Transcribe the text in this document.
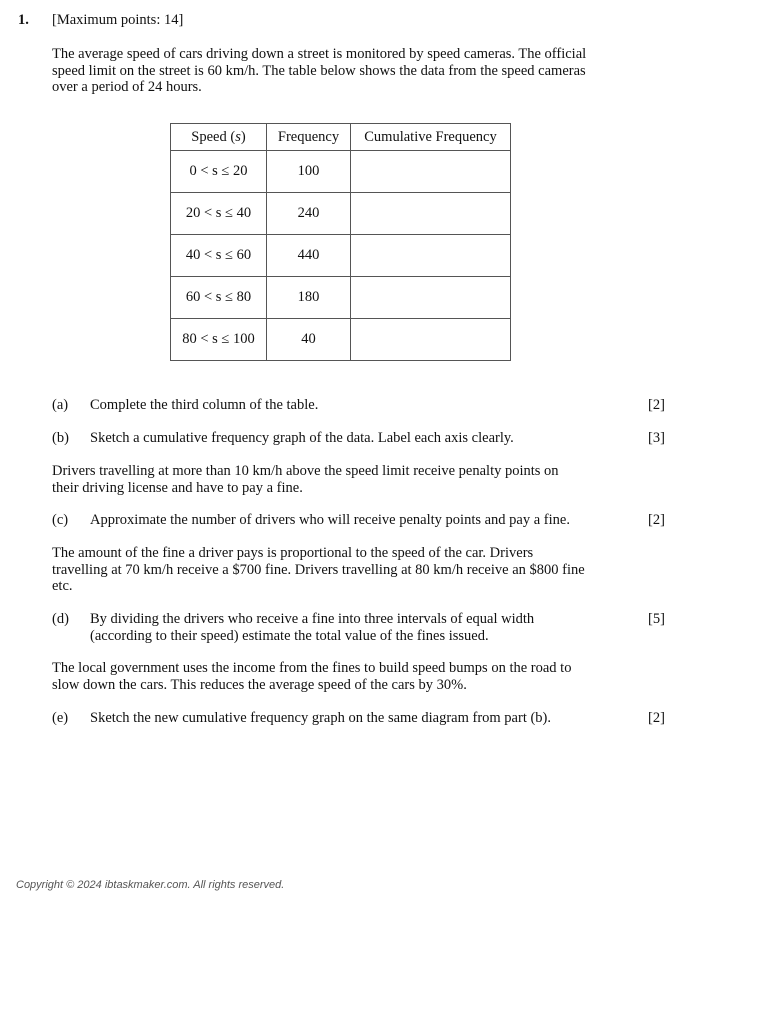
1. [Maximum points: 14]

The average speed of cars driving down a street is monitored by speed cameras. The official

speed limit on the street is 60 km/h. The table below shows the data from the speed cameras

over a period of 24 hours.

Speed (s)	Frequency	Cumulative Frequency
0 < s ≤ 20	100	
20 < s ≤ 40	240	
40 < s ≤ 60	440	
60 < s ≤ 80	180	
80 < s ≤ 100	40	
(a) Complete the third column of the table.	[2]
(b) Sketch a cumulative frequency graph of the data. Label each axis clearly.	[3]

Drivers travelling at more than 10 km/h above the speed limit receive penalty points on

their driving license and have to pay a fine.

(c) Approximate the number of drivers who will receive penalty points and pay a fine.	[2]

The amount of the fine a driver pays is proportional to the speed of the car. Drivers

travelling at 70 km/h receive a $700 fine. Drivers travelling at 80 km/h receive an $800 fine

etc.

(d) By dividing the drivers who receive a fine into three intervals of equal width
(according to their speed) estimate the total value of the fines issued.
[5]

The local government uses the income from the fines to build speed bumps on the road to

slow down the cars. This reduces the average speed of the cars by 30%.

(e) Sketch the new cumulative frequency graph on the same diagram from part (b).	[2]
Copyright © 2024 ibtaskmaker.com. All rights reserved.
